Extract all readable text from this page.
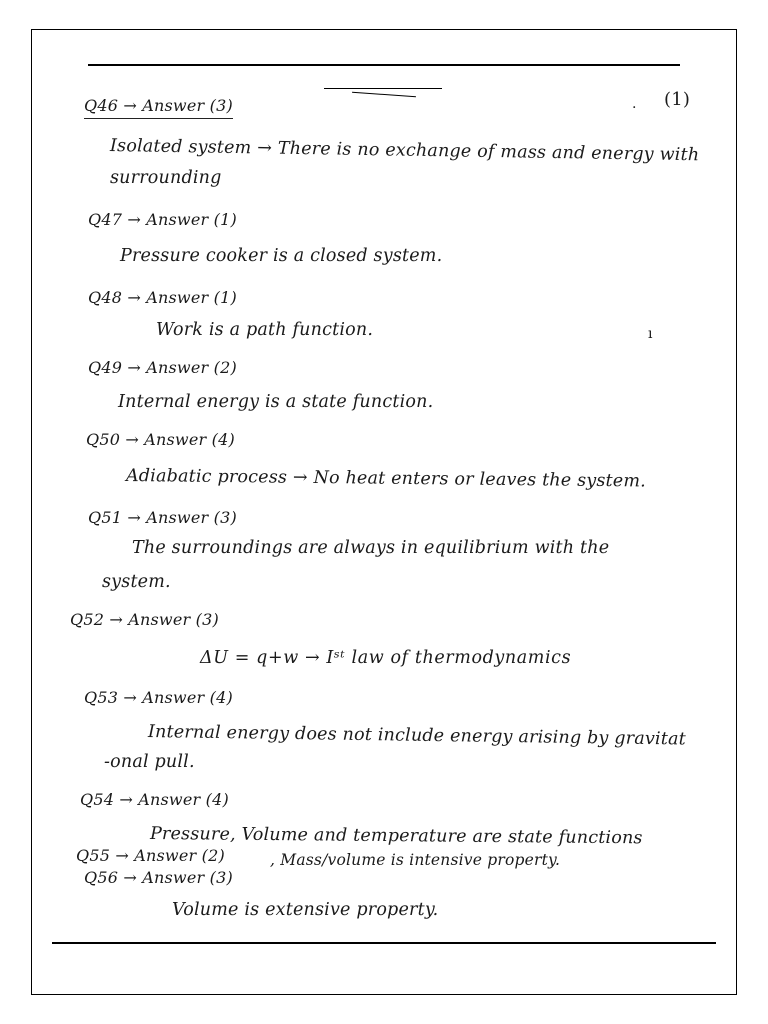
(1)
.
Q46 → Answer (3)
Isolated system → There is no exchange of mass and energy with
surrounding
Q47 → Answer (1)
Pressure cooker is a closed system.
Q48 → Answer (1)
Work is a path function.	ı
Q49 → Answer (2)
Internal energy is a state function.
Q50 → Answer (4)
Adiabatic process → No heat enters or leaves the system.
Q51 → Answer (3)
The surroundings are always in equilibrium with the
system.
Q52 → Answer (3)
ΔU = q+w → Iˢᵗ law of thermodynamics
Q53 → Answer (4)
Internal energy does not include energy arising by gravitat
-onal pull.
Q54 → Answer (4)
Pressure, Volume and temperature are state functions
Q55 → Answer (2)	, Mass/volume is intensive property.
Q56 → Answer (3)
Volume is extensive property.
